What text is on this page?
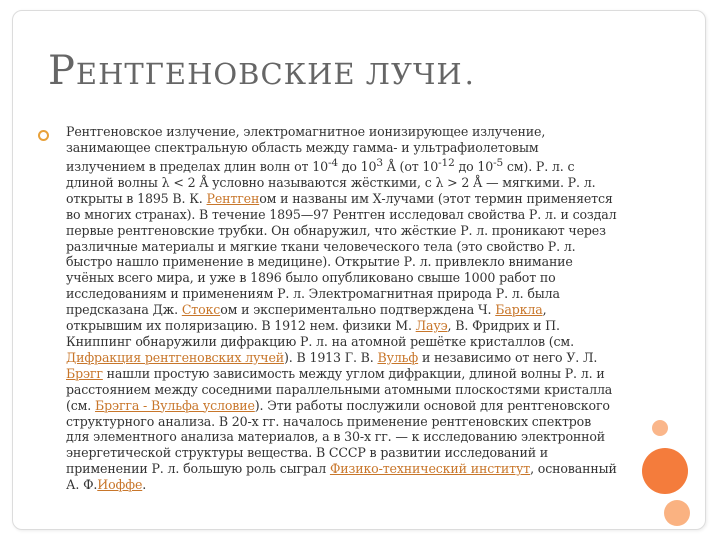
РЕНТГЕНОВСКИЕ ЛУЧИ.
Рентгеновское излучение, электромагнитное ионизирующее излучение, занимающее спектральную область между гамма- и ультрафиолетовым излучением в пределах длин волн от $10^{-4}$ до $10^3$ Å (от $10^{-12}$ до $10^{-5}$ см). Р. л. с длиной волны λ < 2 Å условно называются жёсткими, с λ > 2 Å — мягкими. Р. л. открыты в 1895 В. К. Рентгеном и названы им Х-лучами (этот термин применяется во многих странах). В течение 1895—97 Рентген исследовал свойства Р. л. и создал первые рентгеновские трубки. Он обнаружил, что жёсткие Р. л. проникают через различные материалы и мягкие ткани человеческого тела (это свойство Р. л. быстро нашло применение в медицине). Открытие Р. л. привлекло внимание учёных всего мира, и уже в 1896 было опубликовано свыше 1000 работ по исследованиям и применениям Р. л. Электромагнитная природа Р. л. была предсказана Дж. Стоксом и экспериментально подтверждена Ч. Баркла, открывшим их поляризацию. В 1912 нем. физики М. Лауэ, В. Фридрих и П. Книппинг обнаружили дифракцию Р. л. на атомной решётке кристаллов (см. Дифракция рентгеновских лучей). В 1913 Г. В. Вульф и независимо от него У. Л. Брэгг нашли простую зависимость между углом дифракции, длиной волны Р. л. и расстоянием между соседними параллельными атомными плоскостями кристалла (см. Брэгга - Вульфа условие). Эти работы послужили основой для рентгеновского структурного анализа. В 20-х гг. началось применение рентгеновских спектров для элементного анализа материалов, а в 30-х гг. — к исследованию электронной энергетической структуры вещества. В СССР в развитии исследований и применении Р. л. большую роль сыграл Физико-технический институт, основанный А. Ф.Иоффе.
